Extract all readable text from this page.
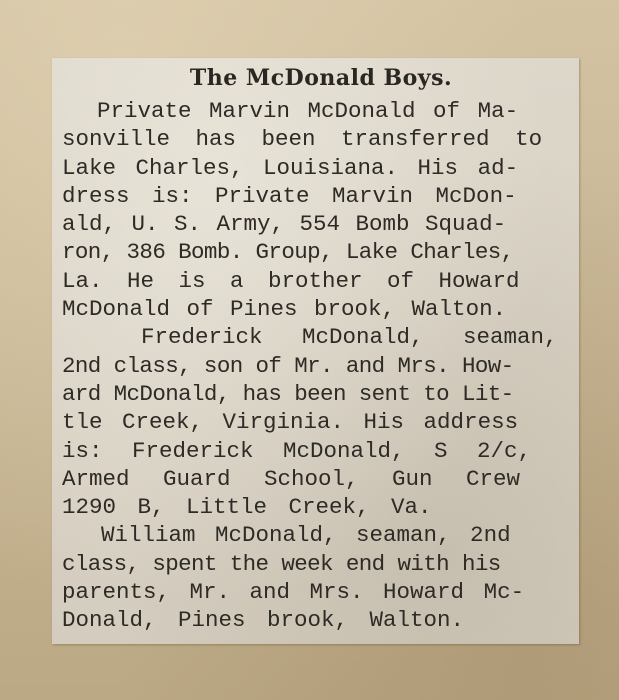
The McDonald Boys.
Private Marvin McDonald of Ma-
sonville has been transferred to
Lake Charles, Louisiana. His ad-
dress is: Private Marvin McDon-
ald, U. S. Army, 554 Bomb Squad-
ron, 386 Bomb. Group, Lake Charles,
La. He is a brother of Howard
McDonald of Pines brook, Walton.
Frederick McDonald, seaman,
2nd class, son of Mr. and Mrs. How-
ard McDonald, has been sent to Lit-
tle Creek, Virginia. His address
is: Frederick McDonald, S 2/c,
Armed Guard School, Gun Crew
1290 B, Little Creek, Va.
William McDonald, seaman, 2nd
class, spent the week end with his
parents, Mr. and Mrs. Howard Mc-
Donald, Pines brook, Walton.
